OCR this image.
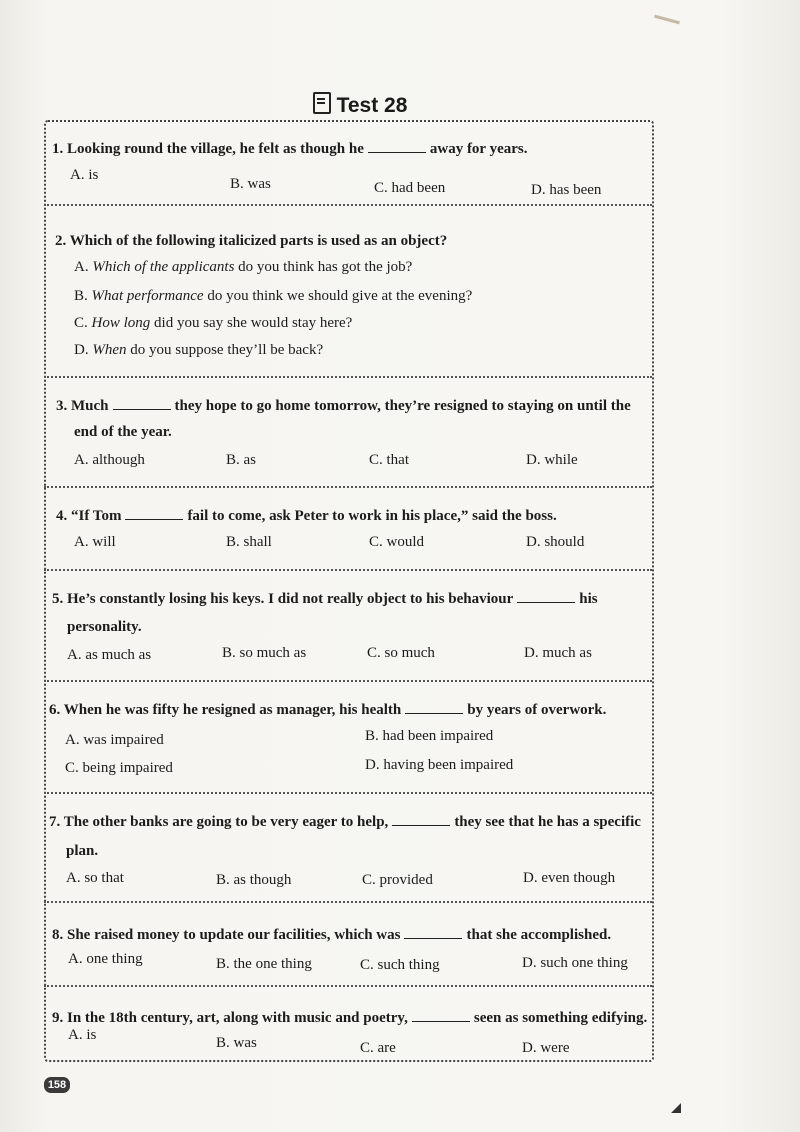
Test 28
1. Looking round the village, he felt as though he	away for years.
A. is
B. was	C. had been	D. has been
2. Which of the following italicized parts is used as an object?
A. Which of the applicants do you think has got the job?
B. What performance do you think we should give at the evening?
C. How long did you say she would stay here?
D. When do you suppose they’ll be back?
3. Much	they hope to go home tomorrow, they’re resigned to staying on until the
end of the year.
A. although	B. as	C. that	D. while
4. “If Tom	fail to come, ask Peter to work in his place,” said the boss.
A. will	B. shall	C. would	D. should
5. He’s constantly losing his keys. I did not really object to his behaviour	his
personality.
A. as much as	B. so much as	C. so much	D. much as
6. When he was fifty he resigned as manager, his health	by years of overwork.
A. was impaired	B. had been impaired
C. being impaired	D. having been impaired
7. The other banks are going to be very eager to help,	they see that he has a specific
plan.
A. so that	B. as though	C. provided	D. even though
8. She raised money to update our facilities, which was	that she accomplished.
A. one thing	B. the one thing	C. such thing	D. such one thing
9. In the 18th century, art, along with music and poetry,	seen as something edifying.
A. is	B. was	C. are	D. were
158
